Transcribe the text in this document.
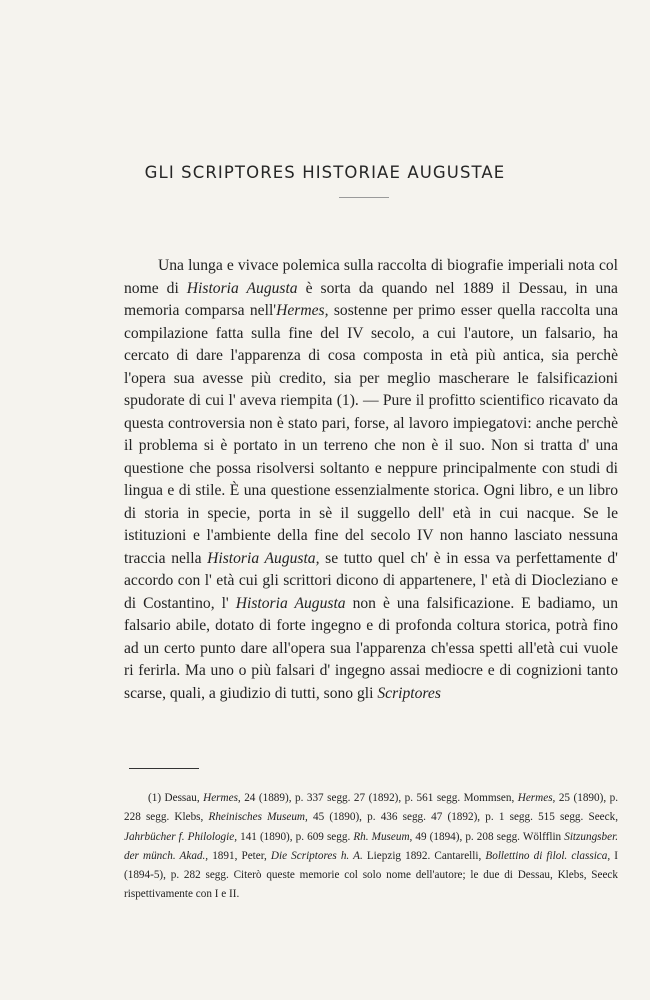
GLI SCRIPTORES HISTORIAE AUGUSTAE

Una lunga e vivace polemica sulla raccolta di biografie imperiali nota col nome di Historia Augusta è sorta da quando nel 1889 il Dessau, in una memoria comparsa nell'Hermes, sostenne per primo esser quella raccolta una compilazione fatta sulla fine del IV secolo, a cui l'autore, un falsario, ha cercato di dare l'apparenza di cosa composta in età più antica, sia perchè l'opera sua avesse più credito, sia per meglio mascherare le falsificazioni spudorate di cui l' aveva riempita (1). — Pure il profitto scientifico ricavato da questa controversia non è stato pari, forse, al lavoro impiegatovi: anche perchè il problema si è portato in un terreno che non è il suo. Non si tratta d' una questione che possa risolversi soltanto e neppure principalmente con studi di lingua e di stile. È una questione essenzialmente storica. Ogni libro, e un libro di storia in specie, porta in sè il suggello dell' età in cui nacque. Se le istituzioni e l'ambiente della fine del secolo IV non hanno lasciato nessuna traccia nella Historia Augusta, se tutto quel ch' è in essa va perfettamente d' accordo con l' età cui gli scrittori dicono di appartenere, l' età di Diocleziano e di Costantino, l' Historia Augusta non è una falsificazione. E badiamo, un falsario abile, dotato di forte ingegno e di profonda coltura storica, potrà fino ad un certo punto dare all'opera sua l'apparenza ch'essa spetti all'età cui vuole ri ferirla. Ma uno o più falsari d' ingegno assai mediocre e di cognizioni tanto scarse, quali, a giudizio di tutti, sono gli Scriptores

(1) Dessau, Hermes, 24 (1889), p. 337 segg. 27 (1892), p. 561 segg. Mommsen, Hermes, 25 (1890), p. 228 segg. Klebs, Rheinisches Museum, 45 (1890), p. 436 segg. 47 (1892), p. 1 segg. 515 segg. Seeck, Jahrbücher f. Philologie, 141 (1890), p. 609 segg. Rh. Museum, 49 (1894), p. 208 segg. Wölfflin Sitzungsber. der münch. Akad., 1891, Peter, Die Scriptores h. A. Liepzig 1892. Cantarelli, Bollettino di filol. classica, I (1894-5), p. 282 segg. Citerò queste memorie col solo nome dell'autore; le due di Dessau, Klebs, Seeck rispettivamente con I e II.
